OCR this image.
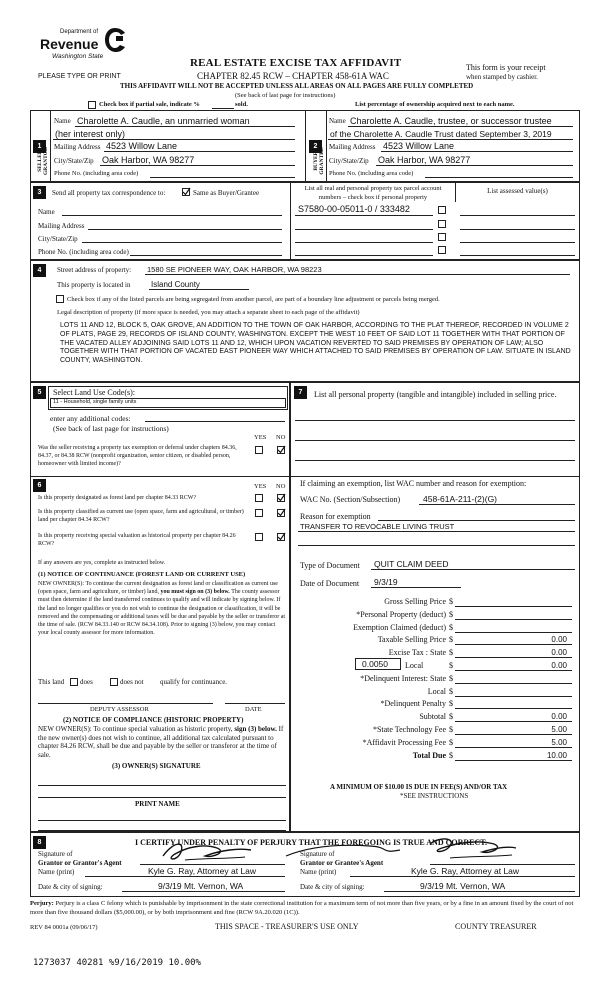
Department of
Revenue
Washington State
PLEASE TYPE OR PRINT
REAL ESTATE EXCISE TAX AFFIDAVIT
CHAPTER 82.45 RCW – CHAPTER 458-61A WAC
THIS AFFIDAVIT WILL NOT BE ACCEPTED UNLESS ALL AREAS ON ALL PAGES ARE FULLY COMPLETED
(See back of last page for instructions)
This form is your receipt
when stamped by cashier.
Check box if partial sale, indicate %	sold.	List percentage of ownership acquired next to each name.
1
SELLER GRANTOR
Name Charolette A. Caudle, an unmarried woman
(her interest only)
Mailing Address 4523 Willow Lane
City/State/Zip Oak Harbor, WA 98277
Phone No. (including area code)
2
BUYER GRANTEE
Name Charolette A. Caudle, trustee, or successor trustee
of the Charolette A. Caudle Trust dated September 3, 2019
Mailing Address 4523 Willow Lane
City/State/Zip Oak Harbor, WA 98277
Phone No. (including area code)
3	Send all property tax correspondence to:	Same as Buyer/Grantee
Name
Mailing Address
City/State/Zip
Phone No. (including area code)
List all real and personal property tax parcel account numbers – check box if personal property
List assessed value(s)
S7580-00-05011-0 / 333482
4	Street address of property: 1580 SE PIONEER WAY, OAK HARBOR, WA 98223
This property is located in	Island County
Check box if any of the listed parcels are being segregated from another parcel, are part of a boundary line adjustment or parcels being merged.
Legal description of property (if more space is needed, you may attach a separate sheet to each page of the affidavit)
LOTS 11 AND 12, BLOCK 5, OAK GROVE, AN ADDITION TO THE TOWN OF OAK HARBOR, ACCORDING TO THE PLAT THEREOF, RECORDED IN VOLUME 2 OF PLATS, PAGE 29, RECORDS OF ISLAND COUNTY, WASHINGTON. EXCEPT THE WEST 10 FEET OF SAID LOT 11 TOGETHER WITH THAT PORTION OF THE VACATED ALLEY ADJOINING SAID LOTS 11 AND 12, WHICH UPON VACATION REVERTED TO SAID PREMISES BY OPERATION OF LAW; ALSO TOGETHER WITH THAT PORTION OF VACATED EAST PIONEER WAY WHICH ATTACHED TO SAID PREMISES BY OPERATION OF LAW. SITUATE IN ISLAND COUNTY, WASHINGTON.
5	Select Land Use Code(s):
11 - Household, single family units
enter any additional codes:
(See back of last page for instructions)
YES NO
Was the seller receiving a property tax exemption or deferral under chapters 84.36, 84.37, or 84.38 RCW (nonprofit organization, senior citizen, or disabled person, homeowner with limited income)?
6	YES NO
Is this property designated as forest land per chapter 84.33 RCW?
Is this property classified as current use (open space, farm and agricultural, or timber) land per chapter 84.34 RCW?
Is this property receiving special valuation as historical property per chapter 84.26 RCW?
If any answers are yes, complete as instructed below.
(1) NOTICE OF CONTINUANCE (FOREST LAND OR CURRENT USE)
NEW OWNER(S): To continue the current designation as forest land or classification as current use (open space, farm and agriculture, or timber) land, you must sign on (3) below. The county assessor must then determine if the land transferred continues to qualify and will indicate by signing below. If the land no longer qualifies or you do not wish to continue the designation or classification, it will be removed and the compensating or additional taxes will be due and payable by the seller or transferor at the time of sale. (RCW 84.33.140 or RCW 84.34.108). Prior to signing (3) below, you may contact your local county assessor for more information.
This land does	does not qualify for continuance.
DEPUTY ASSESSOR	DATE
(2) NOTICE OF COMPLIANCE (HISTORIC PROPERTY)
NEW OWNER(S): To continue special valuation as historic property, sign (3) below. If the new owner(s) does not wish to continue, all additional tax calculated pursuant to chapter 84.26 RCW, shall be due and payable by the seller or transferor at the time of sale.
(3) OWNER(S) SIGNATURE
PRINT NAME
7	List all personal property (tangible and intangible) included in selling price.
If claiming an exemption, list WAC number and reason for exemption:
WAC No. (Section/Subsection)	458-61A-211-(2)(G)
Reason for exemption
TRANSFER TO REVOCABLE LIVING TRUST
Type of Document QUIT CLAIM DEED
Date of Document 9/3/19
Gross Selling Price $
*Personal Property (deduct) $
Exemption Claimed (deduct) $
Taxable Selling Price $	0.00
Excise Tax : State $	0.00
Local	$	0.00
*Delinquent Interest: State $
Local $
*Delinquent Penalty $
Subtotal $	0.00
*State Technology Fee $	5.00
*Affidavit Processing Fee $	5.00
Total Due $	10.00
0.0050
A MINIMUM OF $10.00 IS DUE IN FEE(S) AND/OR TAX
*SEE INSTRUCTIONS
8	I CERTIFY UNDER PENALTY OF PERJURY THAT THE FOREGOING IS TRUE AND CORRECT.
Signature of
Grantor or Grantor's Agent
Signature of
Grantor or Grantee's Agent
Name (print)	Kyle G. Ray, Attorney at Law	Name (print)	Kyle G. Ray, Attorney at Law
Date & city of signing:	9/3/19 Mt. Vernon, WA	Date & city of signing:	9/3/19 Mt. Vernon, WA
Perjury: Perjury is a class C felony which is punishable by imprisonment in the state correctional institution for a maximum term of not more than five years, or by a fine in an amount fixed by the court of not more than five thousand dollars ($5,000.00), or by both imprisonment and fine (RCW 9A.20.020 (1C)).
REV 84 0001a (09/06/17)	THIS SPACE - TREASURER'S USE ONLY	COUNTY TREASURER
1273037 40281 %9/16/2019 10.00%
